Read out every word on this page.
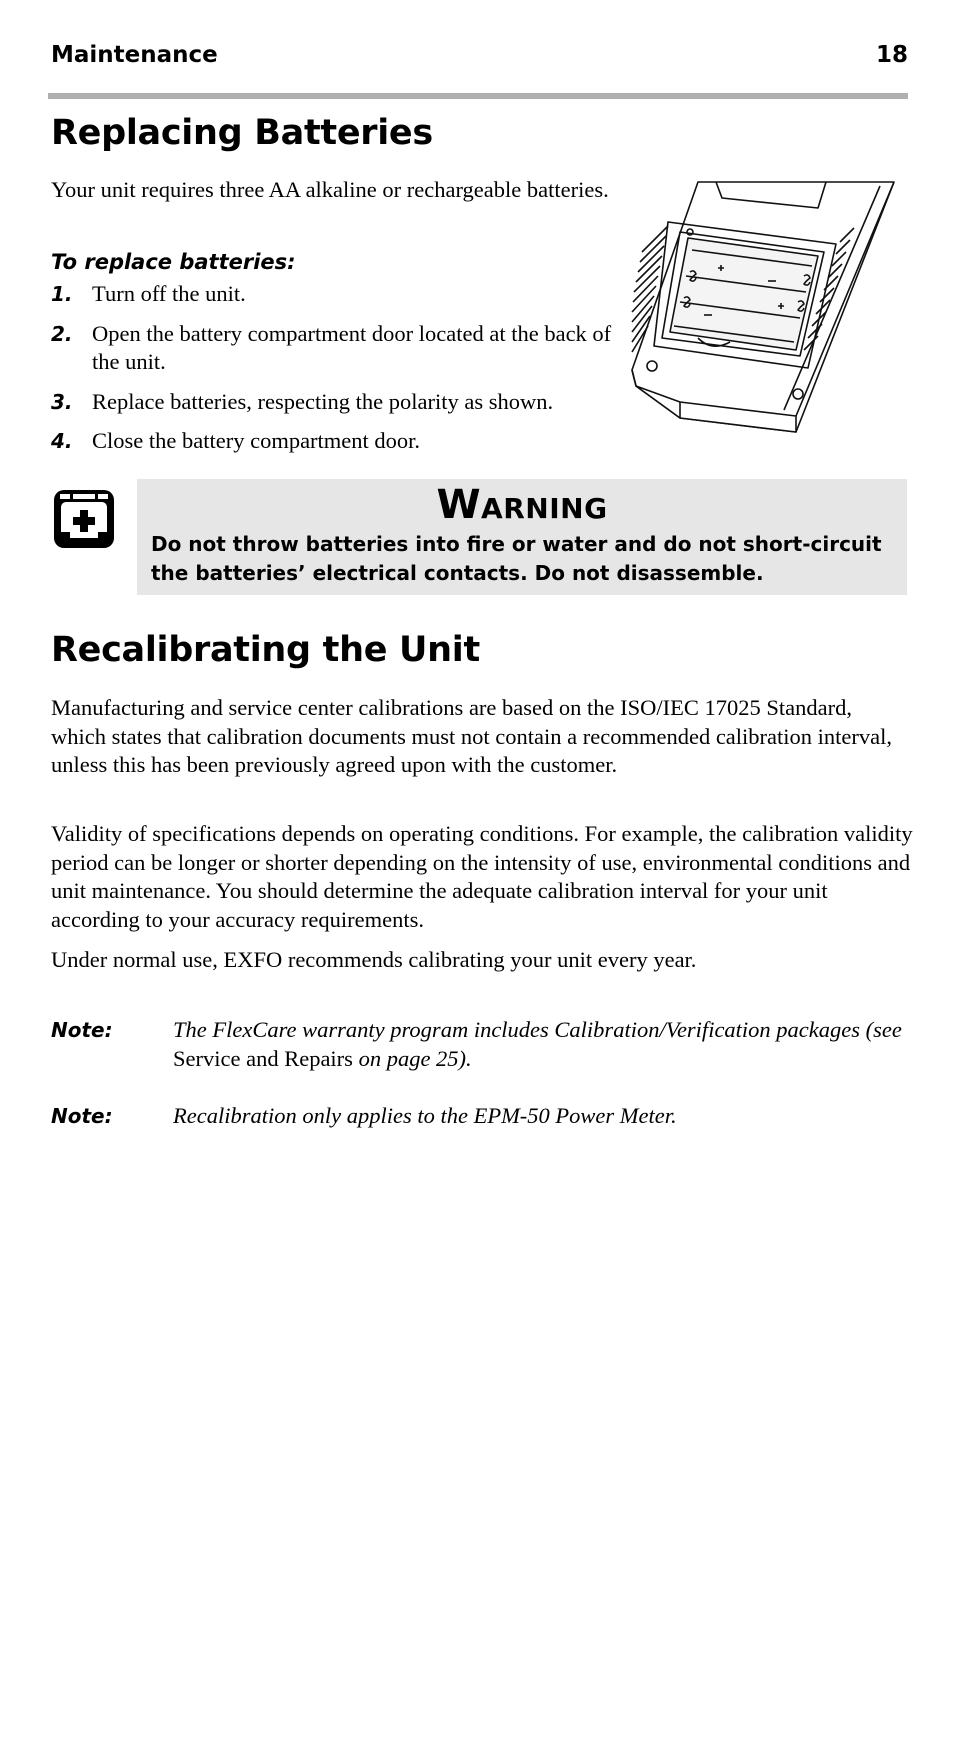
Maintenance	18
Replacing Batteries

Your unit requires three AA alkaline or rechargeable batteries.

To replace batteries:
1. Turn off the unit.
2. Open the battery compartment door located at the back of the unit.
3. Replace batteries, respecting the polarity as shown.
4. Close the battery compartment door.
Warning
Do not throw batteries into fire or water and do not short-circuit the batteries’ electrical contacts. Do not disassemble.
Recalibrating the Unit

Manufacturing and service center calibrations are based on the ISO/IEC 17025 Standard, which states that calibration documents must not contain a recommended calibration interval, unless this has been previously agreed upon with the customer.

Validity of specifications depends on operating conditions. For example, the calibration validity period can be longer or shorter depending on the intensity of use, environmental conditions and unit maintenance. You should determine the adequate calibration interval for your unit according to your accuracy requirements.

Under normal use, EXFO recommends calibrating your unit every year.

Note:	The FlexCare warranty program includes Calibration/Verification packages (see Service and Repairs on page 25).
Note:	Recalibration only applies to the EPM-50 Power Meter.
